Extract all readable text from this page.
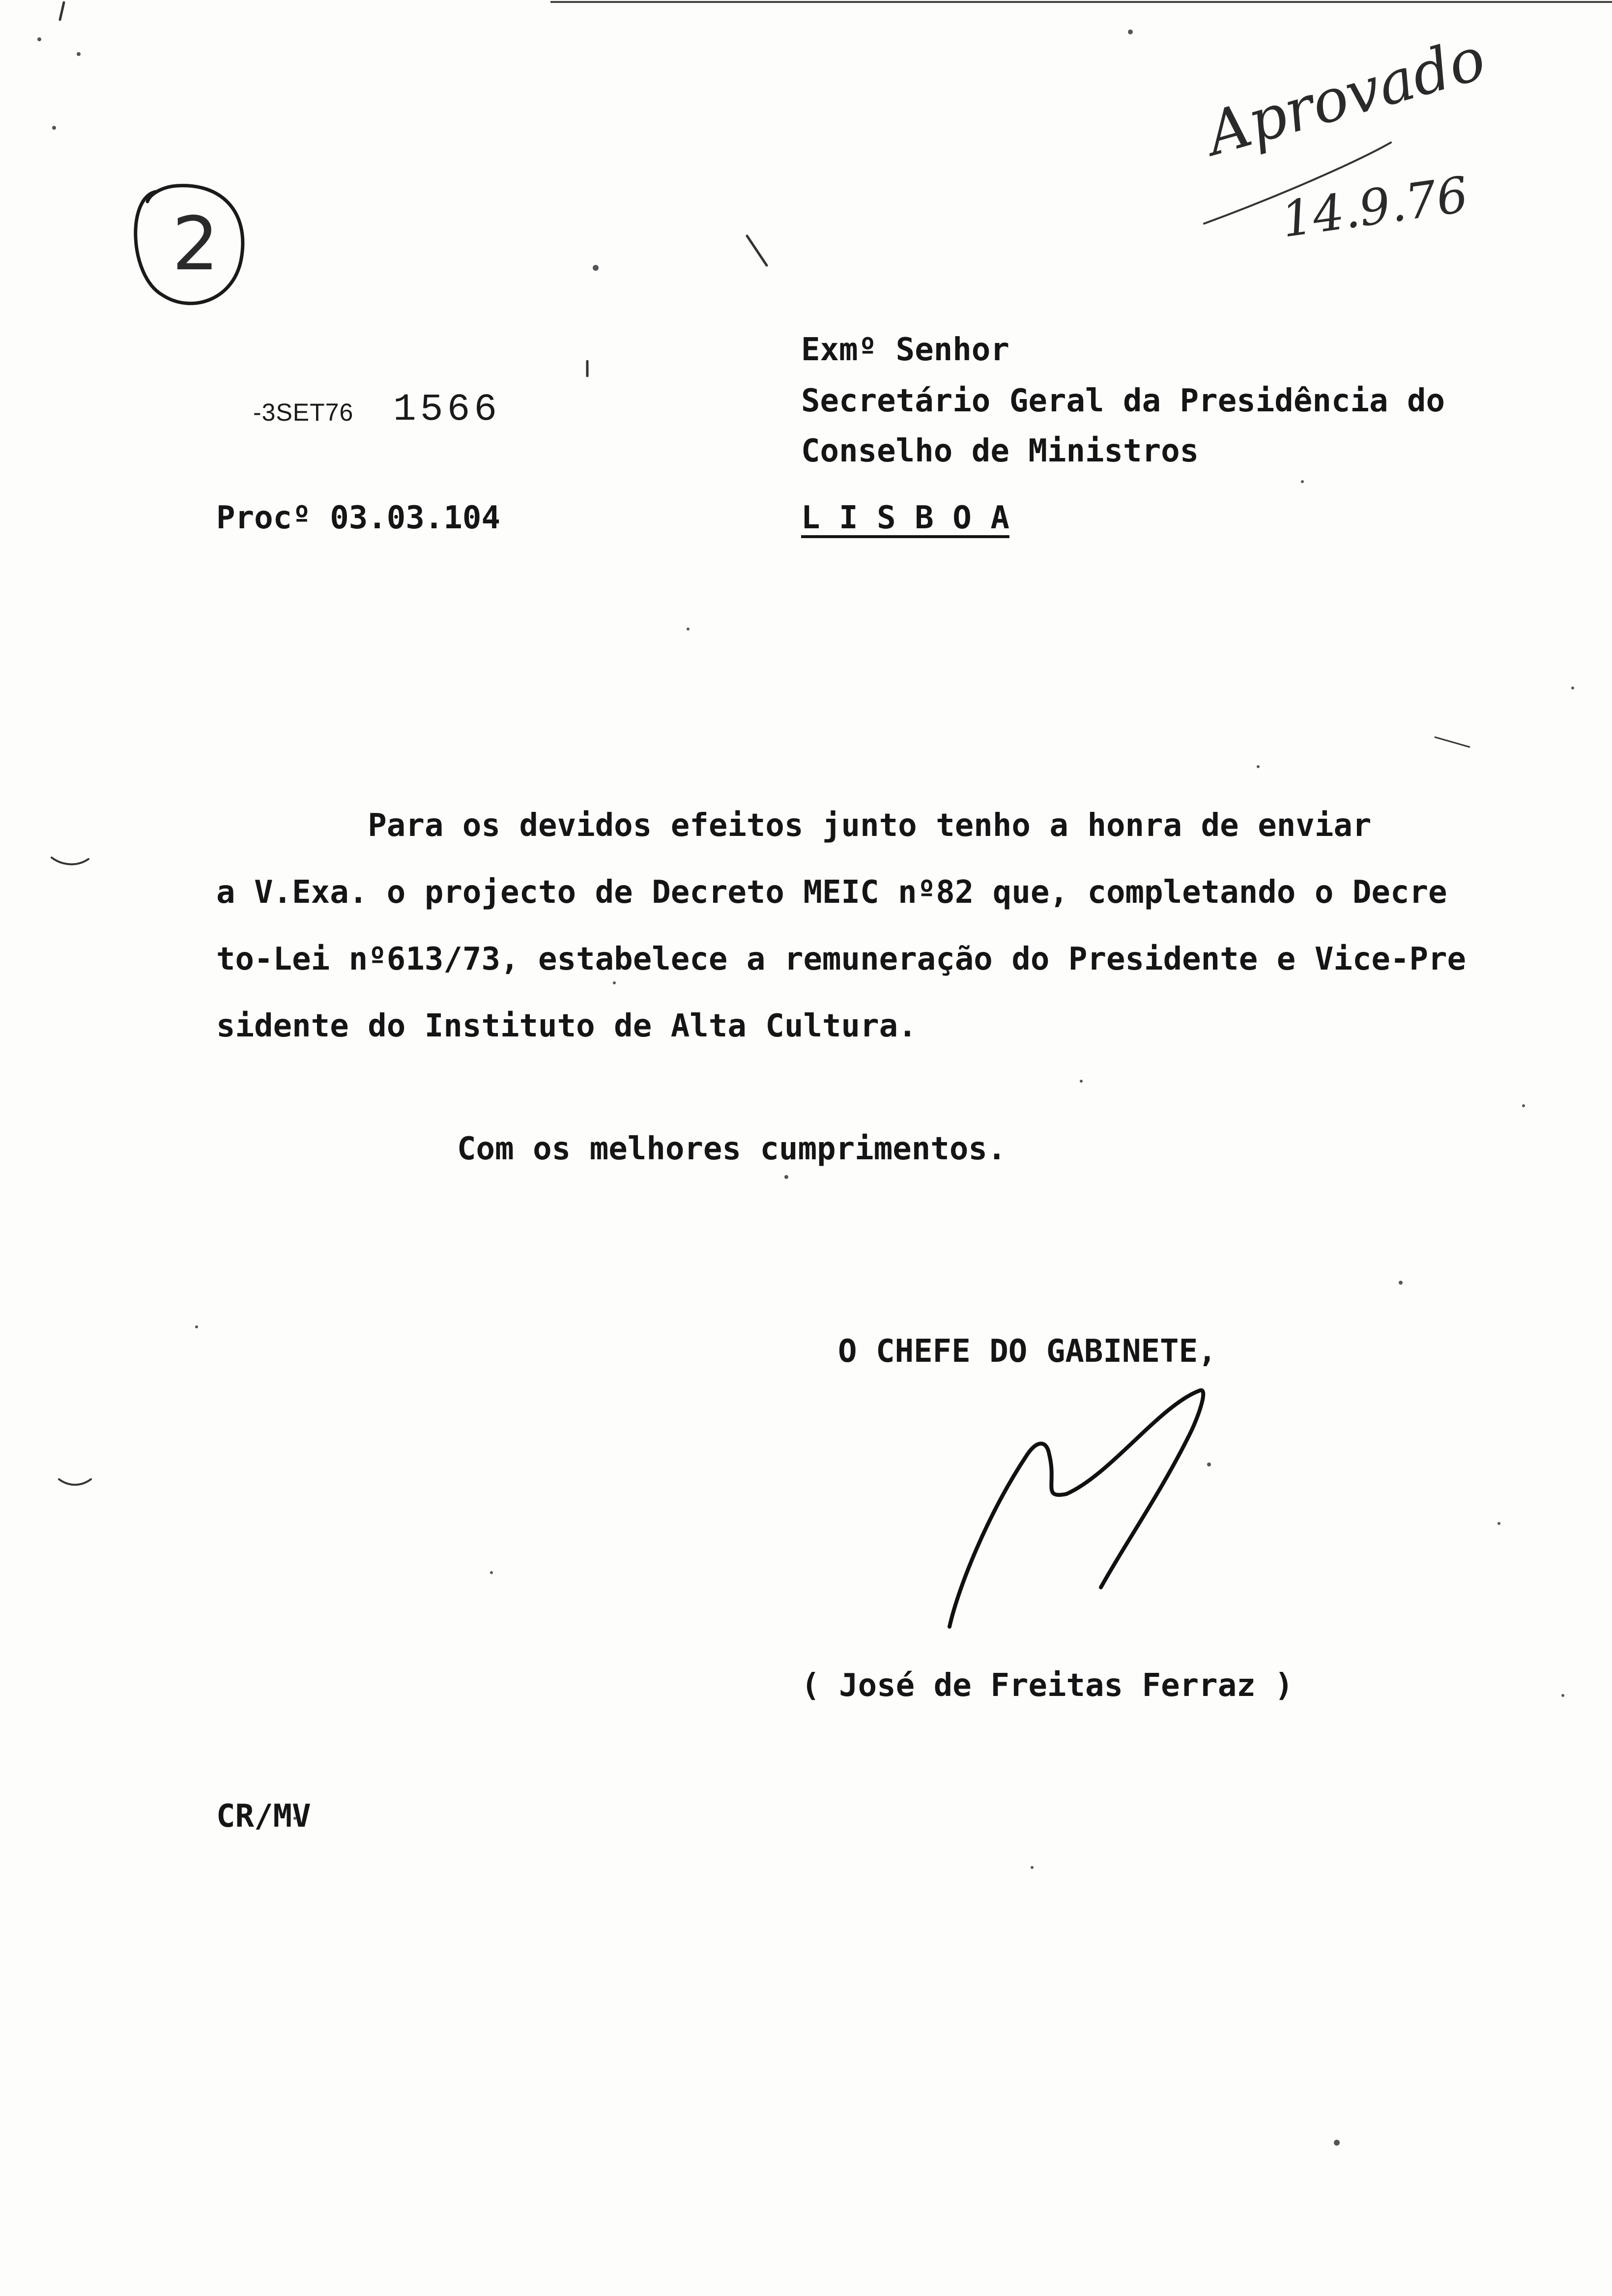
2
Aprovado
14.9.76
-3SET76 1566
Procº 03.03.104
Exmº Senhor
Secretário Geral da Presidência do
Conselho de Ministros
L I S B O A
Para os devidos efeitos junto tenho a honra de enviar
a V.Exa. o projecto de Decreto MEIC nº82 que, completando o Decre
to-Lei nº613/73, estabelece a remuneração do Presidente e Vice-Pre
sidente do Instituto de Alta Cultura.
Com os melhores cumprimentos.
O CHEFE DO GABINETE,
( José de Freitas Ferraz )
CR/MV
